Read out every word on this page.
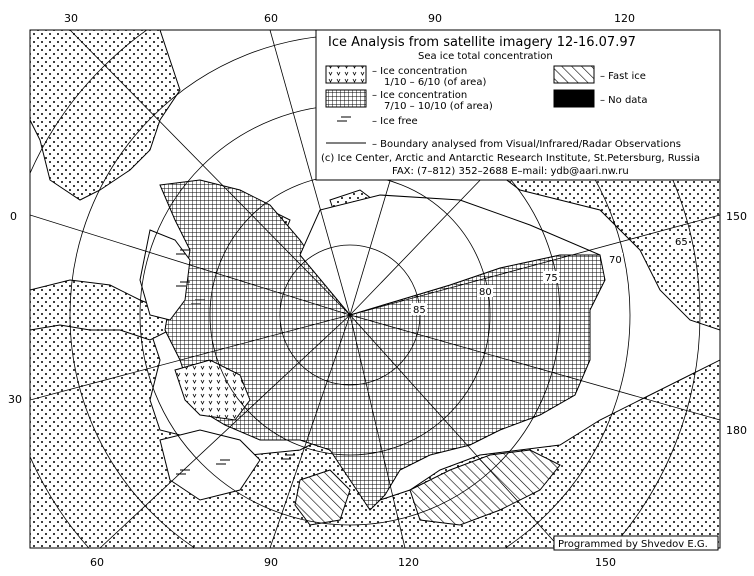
30	60	90	120
60	90	120	150
0
30
150
180
85
80
75
70
65
Ice Analysis from satellite imagery 12-16.07.97
Sea ice total concentration
– Ice concentration
1/10 – 6/10 (of area)
– Fast ice
– Ice concentration
7/10 – 10/10 (of area)
– No data
– Ice free
– Boundary analysed from Visual/Infrared/Radar Observations
(c) Ice Center, Arctic and Antarctic Research Institute, St.Petersburg, Russia
FAX: (7–812) 352–2688 E–mail: ydb@aari.nw.ru
Programmed by Shvedov E.G.
